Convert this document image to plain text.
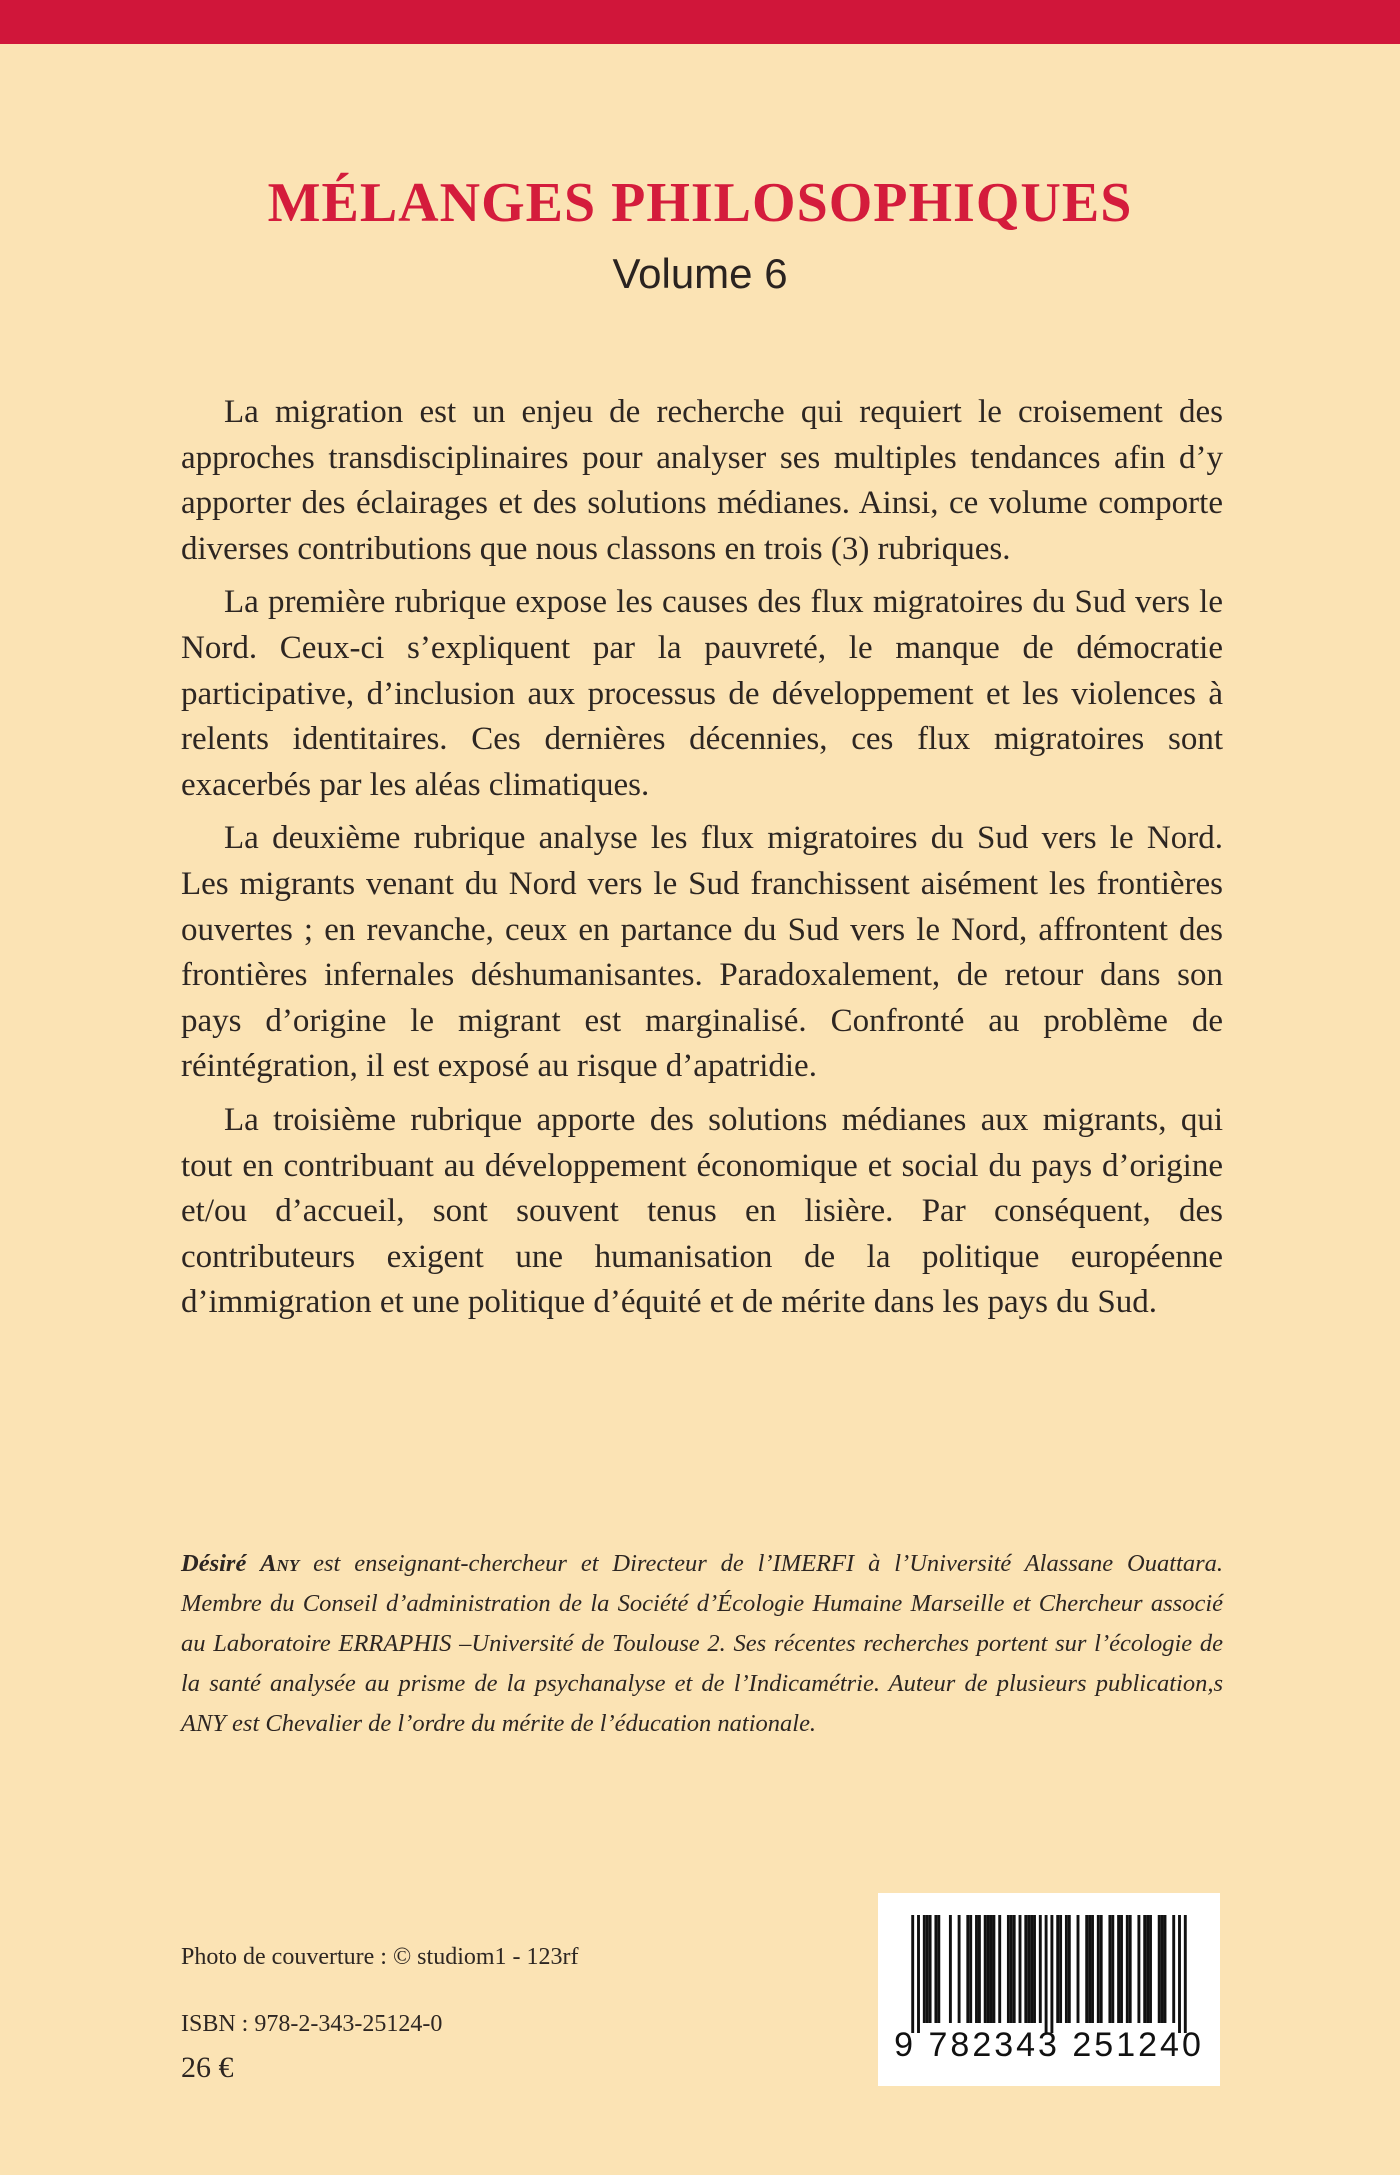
MÉLANGES PHILOSOPHIQUES
Volume 6

La migration est un enjeu de recherche qui requiert le croisement des approches transdisciplinaires pour analyser ses multiples tendances afin d’y apporter des éclairages et des solutions médianes. Ainsi, ce volume comporte diverses contributions que nous classons en trois (3) rubriques.

La première rubrique expose les causes des flux migratoires du Sud vers le Nord. Ceux-ci s’expliquent par la pauvreté, le manque de démocratie participative, d’inclusion aux processus de développement et les violences à relents identitaires. Ces dernières décennies, ces flux migratoires sont exacerbés par les aléas climatiques.

La deuxième rubrique analyse les flux migratoires du Sud vers le Nord. Les migrants venant du Nord vers le Sud franchissent aisément les frontières ouvertes ; en revanche, ceux en partance du Sud vers le Nord, affrontent des frontières infernales déshumanisantes. Paradoxalement, de retour dans son pays d’origine le migrant est marginalisé. Confronté au problème de réintégration, il est exposé au risque d’apatridie.

La troisième rubrique apporte des solutions médianes aux migrants, qui tout en contribuant au développement économique et social du pays d’origine et/ou d’accueil, sont souvent tenus en lisière. Par conséquent, des contributeurs exigent une humanisation de la politique européenne d’immigration et une politique d’équité et de mérite dans les pays du Sud.

Désiré Any est enseignant-chercheur et Directeur de l’IMERFI à l’Université Alassane Ouattara. Membre du Conseil d’administration de la Société d’Écologie Humaine Marseille et Chercheur associé au Laboratoire ERRAPHIS –Université de Toulouse 2. Ses récentes recherches portent sur l’écologie de la santé analysée au prisme de la psychanalyse et de l’Indicamétrie. Auteur de plusieurs publication,s ANY est Chevalier de l’ordre du mérite de l’éducation nationale.
Photo de couverture : © studiom1 - 123rf
ISBN : 978-2-343-25124-0
26 €
9 782343 251240
